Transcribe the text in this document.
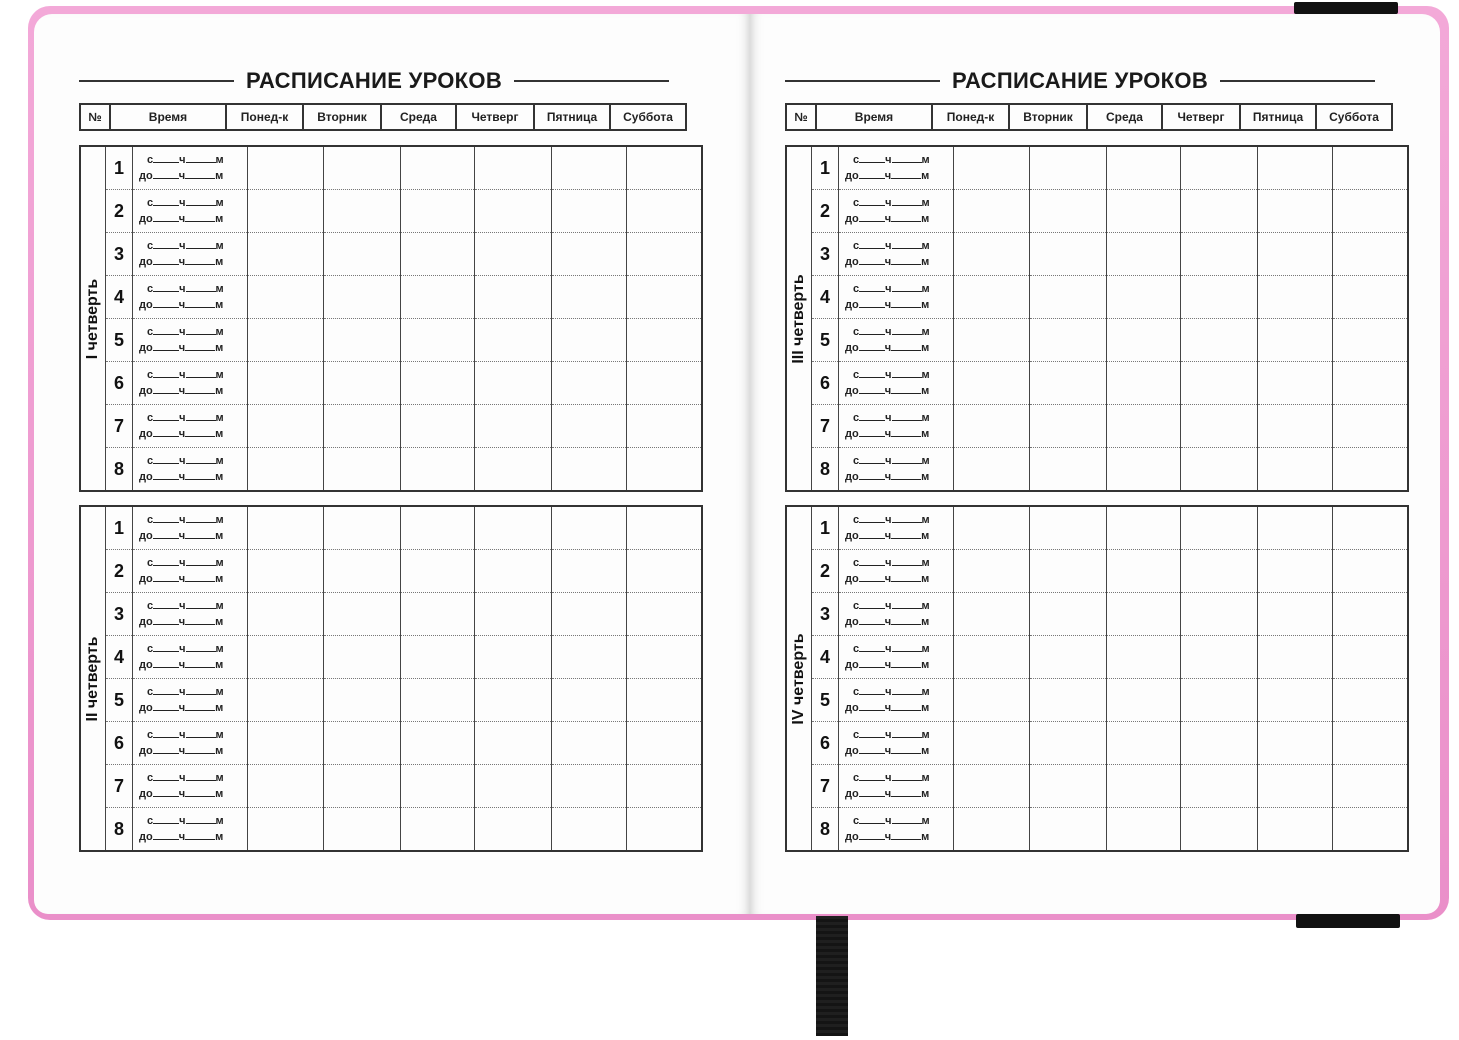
РАСПИСАНИЕ УРОКОВ
№	Время	Понед-к	Вторник	Среда	Четверг	Пятница	Суббота
I четверть	1	с ч м
до ч м						

	2	с ч м
до ч м						

	3	с ч м
до ч м						

	4	с ч м
до ч м						

	5	с ч м
до ч м						

	6	с ч м
до ч м						

	7	с ч м
до ч м						

	8	с ч м
до ч м						

II четверть	1	с ч м
до ч м						

	2	с ч м
до ч м						

	3	с ч м
до ч м						

	4	с ч м
до ч м						

	5	с ч м
до ч м						

	6	с ч м
до ч м						

	7	с ч м
до ч м						

	8	с ч м
до ч м						

РАСПИСАНИЕ УРОКОВ
№	Время	Понед-к	Вторник	Среда	Четверг	Пятница	Суббота
III четверть	1	с ч м
до ч м						

	2	с ч м
до ч м						

	3	с ч м
до ч м						

	4	с ч м
до ч м						

	5	с ч м
до ч м						

	6	с ч м
до ч м						

	7	с ч м
до ч м						

	8	с ч м
до ч м						

IV четверть	1	с ч м
до ч м						

	2	с ч м
до ч м						

	3	с ч м
до ч м						

	4	с ч м
до ч м						

	5	с ч м
до ч м						

	6	с ч м
до ч м						

	7	с ч м
до ч м						

	8	с ч м
до ч м						
